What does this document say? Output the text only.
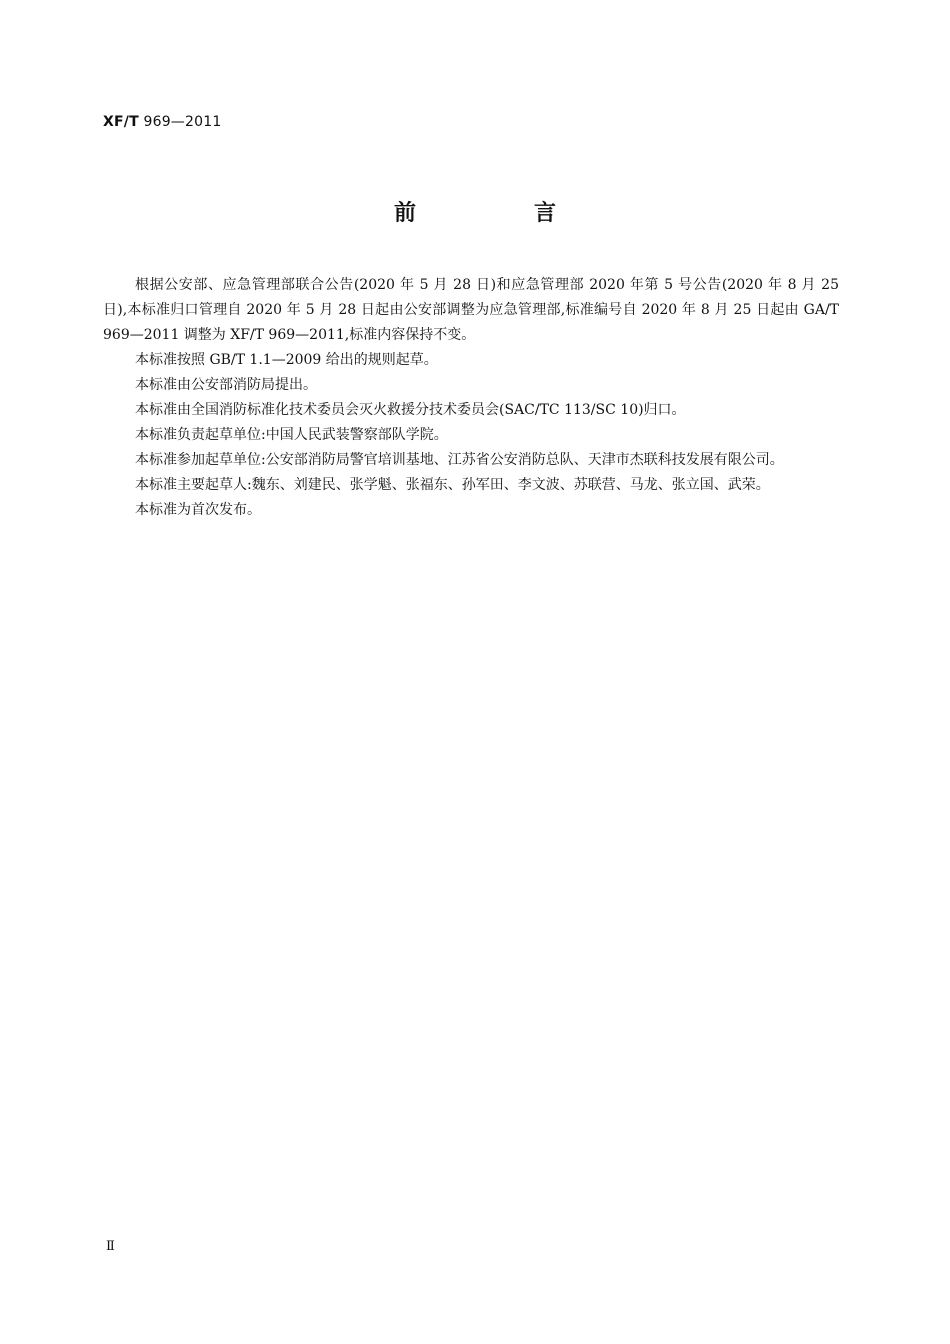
XF/T 969—2011
前　言

根据公安部、应急管理部联合公告(2020 年 5 月 28 日)和应急管理部 2020 年第 5 号公告(2020 年 8 月 25 日),本标准归口管理自 2020 年 5 月 28 日起由公安部调整为应急管理部,标准编号自 2020 年 8 月 25 日起由 GA/T 969—2011 调整为 XF/T 969—2011,标准内容保持不变。

本标准按照 GB/T 1.1—2009 给出的规则起草。

本标准由公安部消防局提出。

本标准由全国消防标准化技术委员会灭火救援分技术委员会(SAC/TC 113/SC 10)归口。

本标准负责起草单位:中国人民武装警察部队学院。

本标准参加起草单位:公安部消防局警官培训基地、江苏省公安消防总队、天津市杰联科技发展有限公司。

本标准主要起草人:魏东、刘建民、张学魁、张福东、孙军田、李文波、苏联营、马龙、张立国、武荣。

本标准为首次发布。

Ⅱ
